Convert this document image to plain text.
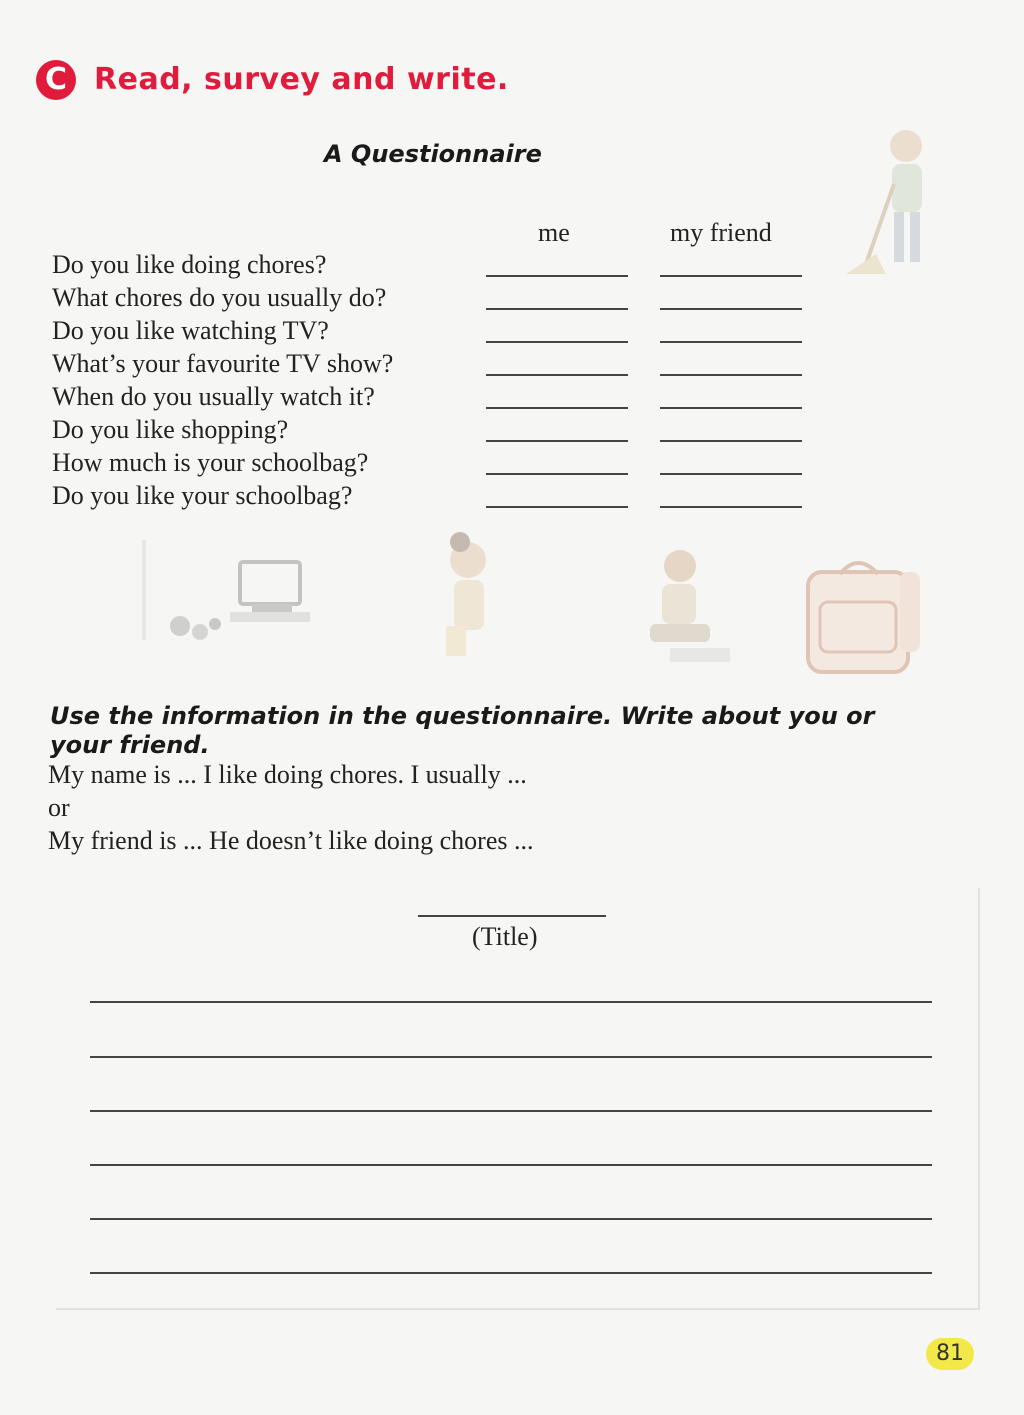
C Read, survey and write.
A Questionnaire
me	my friend
Do you like doing chores?
What chores do you usually do?
Do you like watching TV?
What’s your favourite TV show?
When do you usually watch it?
Do you like shopping?
How much is your schoolbag?
Do you like your schoolbag?
Use the information in the questionnaire. Write about you or your friend.
My name is ... I like doing chores. I usually ...
or
My friend is ... He doesn’t like doing chores ...
(Title)
81
